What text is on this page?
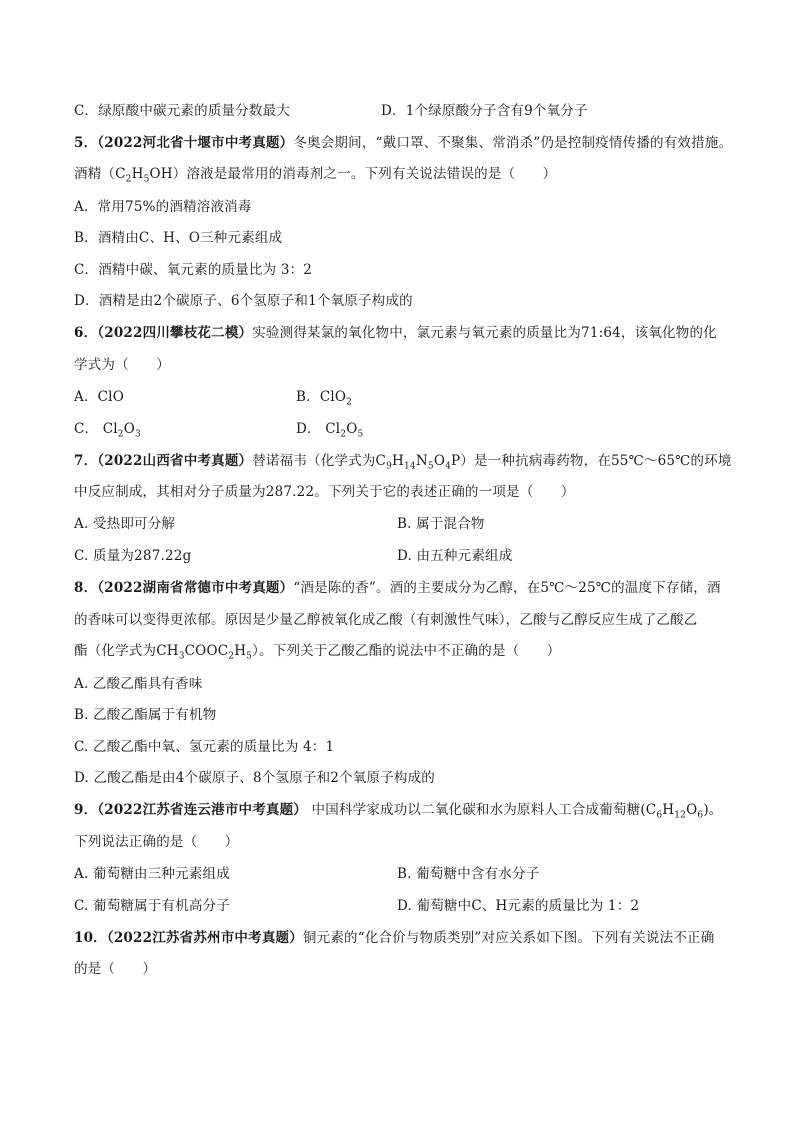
C．绿原酸中碳元素的质量分数最大	D．1个绿原酸分子含有9个氧分子
5．（2022河北省十堰市中考真题）冬奥会期间，“戴口罩、不聚集、常消杀”仍是控制疫情传播的有效措施。
酒精$(C_2H_5OH)$溶液是最常用的消毒剂之一。下列有关说法错误的是（　　）
A．常用75%的酒精溶液消毒
B．酒精由C、H、O三种元素组成
C．酒精中碳、氧元素的质量比为 3：2
D．酒精是由2个碳原子、6个氢原子和1个氧原子构成的
6．（2022四川攀枝花二模）实验测得某氯的氧化物中，氯元素与氧元素的质量比为71:64，该氧化物的化
学式为（　　）
A．ClO	B．ClO$_2$
C． $Cl_2O_3$	D． $Cl_2O_5$
7．（2022山西省中考真题）替诺福韦（化学式为$C_9H_{14}N_5O_4P$）是一种抗病毒药物，在55℃～65℃的环境
中反应制成，其相对分子质量为287.22。下列关于它的表述正确的一项是（　　）
A. 受热即可分解	B. 属于混合物
C. 质量为287.22g	D. 由五种元素组成
8．（2022湖南省常德市中考真题）“酒是陈的香”。酒的主要成分为乙醇，在5℃～25℃的温度下存储，酒
的香味可以变得更浓郁。原因是少量乙醇被氧化成乙酸（有刺激性气味），乙酸与乙醇反应生成了乙酸乙
酯（化学式为$CH_3COOC_2H_5$）。下列关于乙酸乙酯的说法中不正确的是（　　）
A. 乙酸乙酯具有香味
B. 乙酸乙酯属于有机物
C. 乙酸乙酯中氧、氢元素的质量比为 4：1
D. 乙酸乙酯是由4个碳原子、8个氢原子和2个氧原子构成的
9．（2022江苏省连云港市中考真题） 中国科学家成功以二氧化碳和水为原料人工合成葡萄糖$(C_6H_{12}O_6)$。
下列说法正确的是（　　）
A. 葡萄糖由三种元素组成	B. 葡萄糖中含有水分子
C. 葡萄糖属于有机高分子	D. 葡萄糖中C、H元素的质量比为 1：2
10．（2022江苏省苏州市中考真题）铜元素的“化合价与物质类别”对应关系如下图。下列有关说法不正确
的是（　　）
